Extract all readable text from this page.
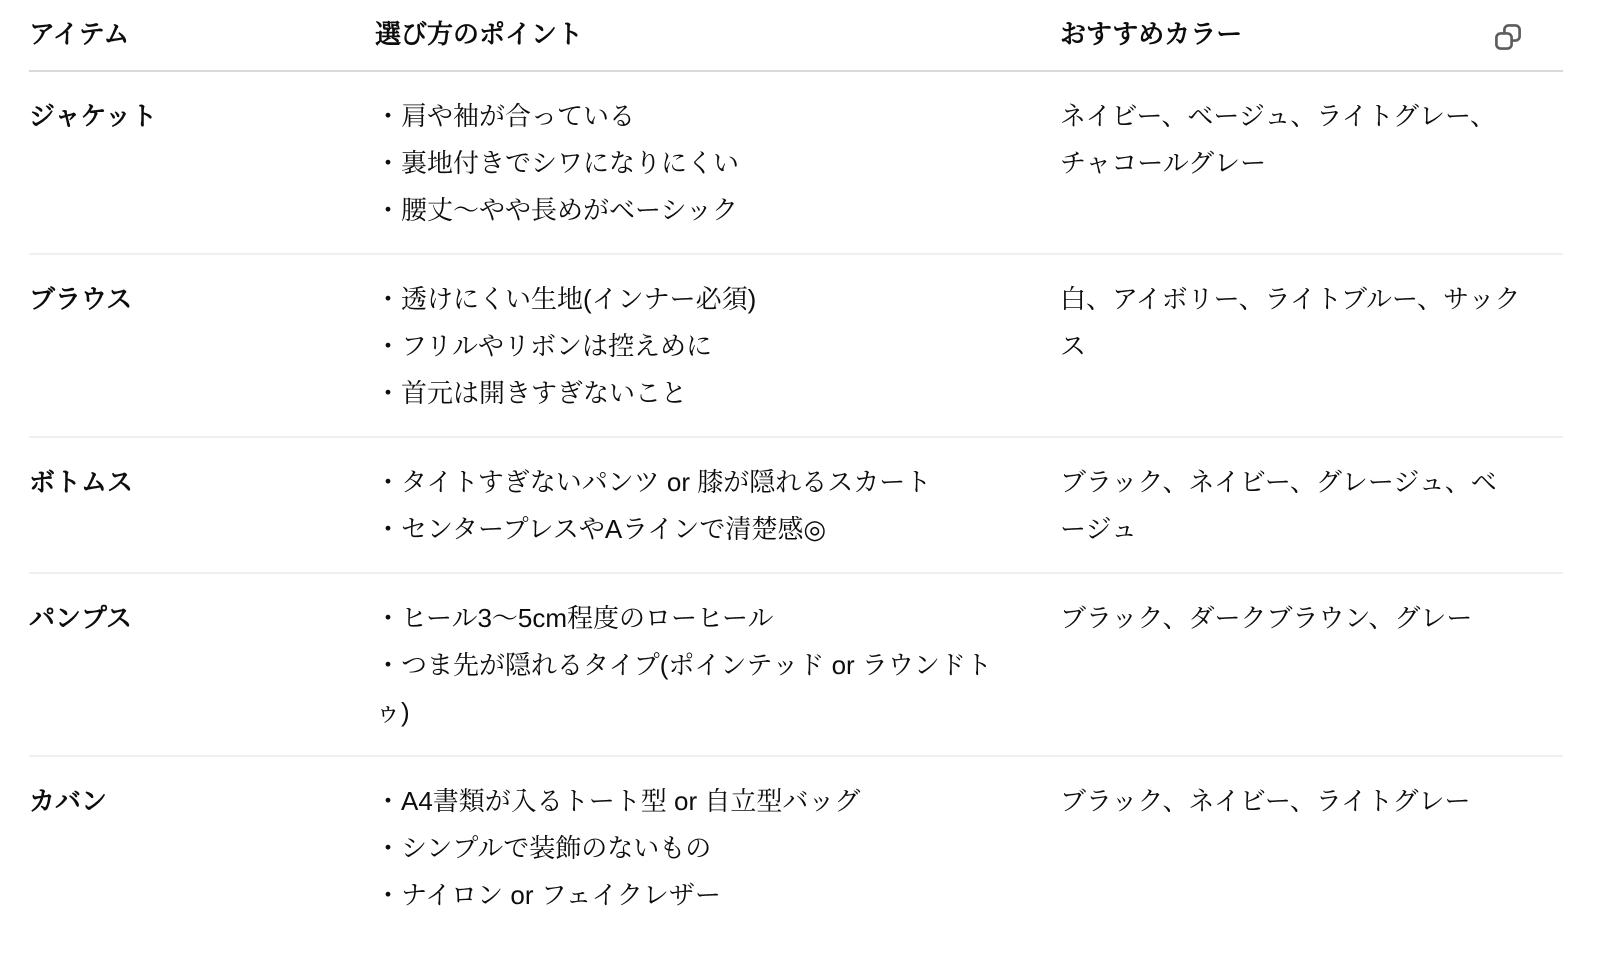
アイテム	選び方のポイント	おすすめカラー
ジャケット	・肩や袖が合っている
・裏地付きでシワになりにくい
・腰丈〜やや長めがベーシック	ネイビー、ベージュ、ライトグレー、チャコールグレー
ブラウス	・透けにくい生地(インナー必須)
・フリルやリボンは控えめに
・首元は開きすぎないこと	白、アイボリー、ライトブルー、サックス
ボトムス	・タイトすぎないパンツ or 膝が隠れるスカート
・センタープレスやAラインで清楚感◎	ブラック、ネイビー、グレージュ、ベージュ
パンプス	・ヒール3〜5cm程度のローヒール
・つま先が隠れるタイプ(ポインテッド or ラウンドトゥ)	ブラック、ダークブラウン、グレー
カバン	・A4書類が入るトート型 or 自立型バッグ
・シンプルで装飾のないもの
・ナイロン or フェイクレザー	ブラック、ネイビー、ライトグレー
